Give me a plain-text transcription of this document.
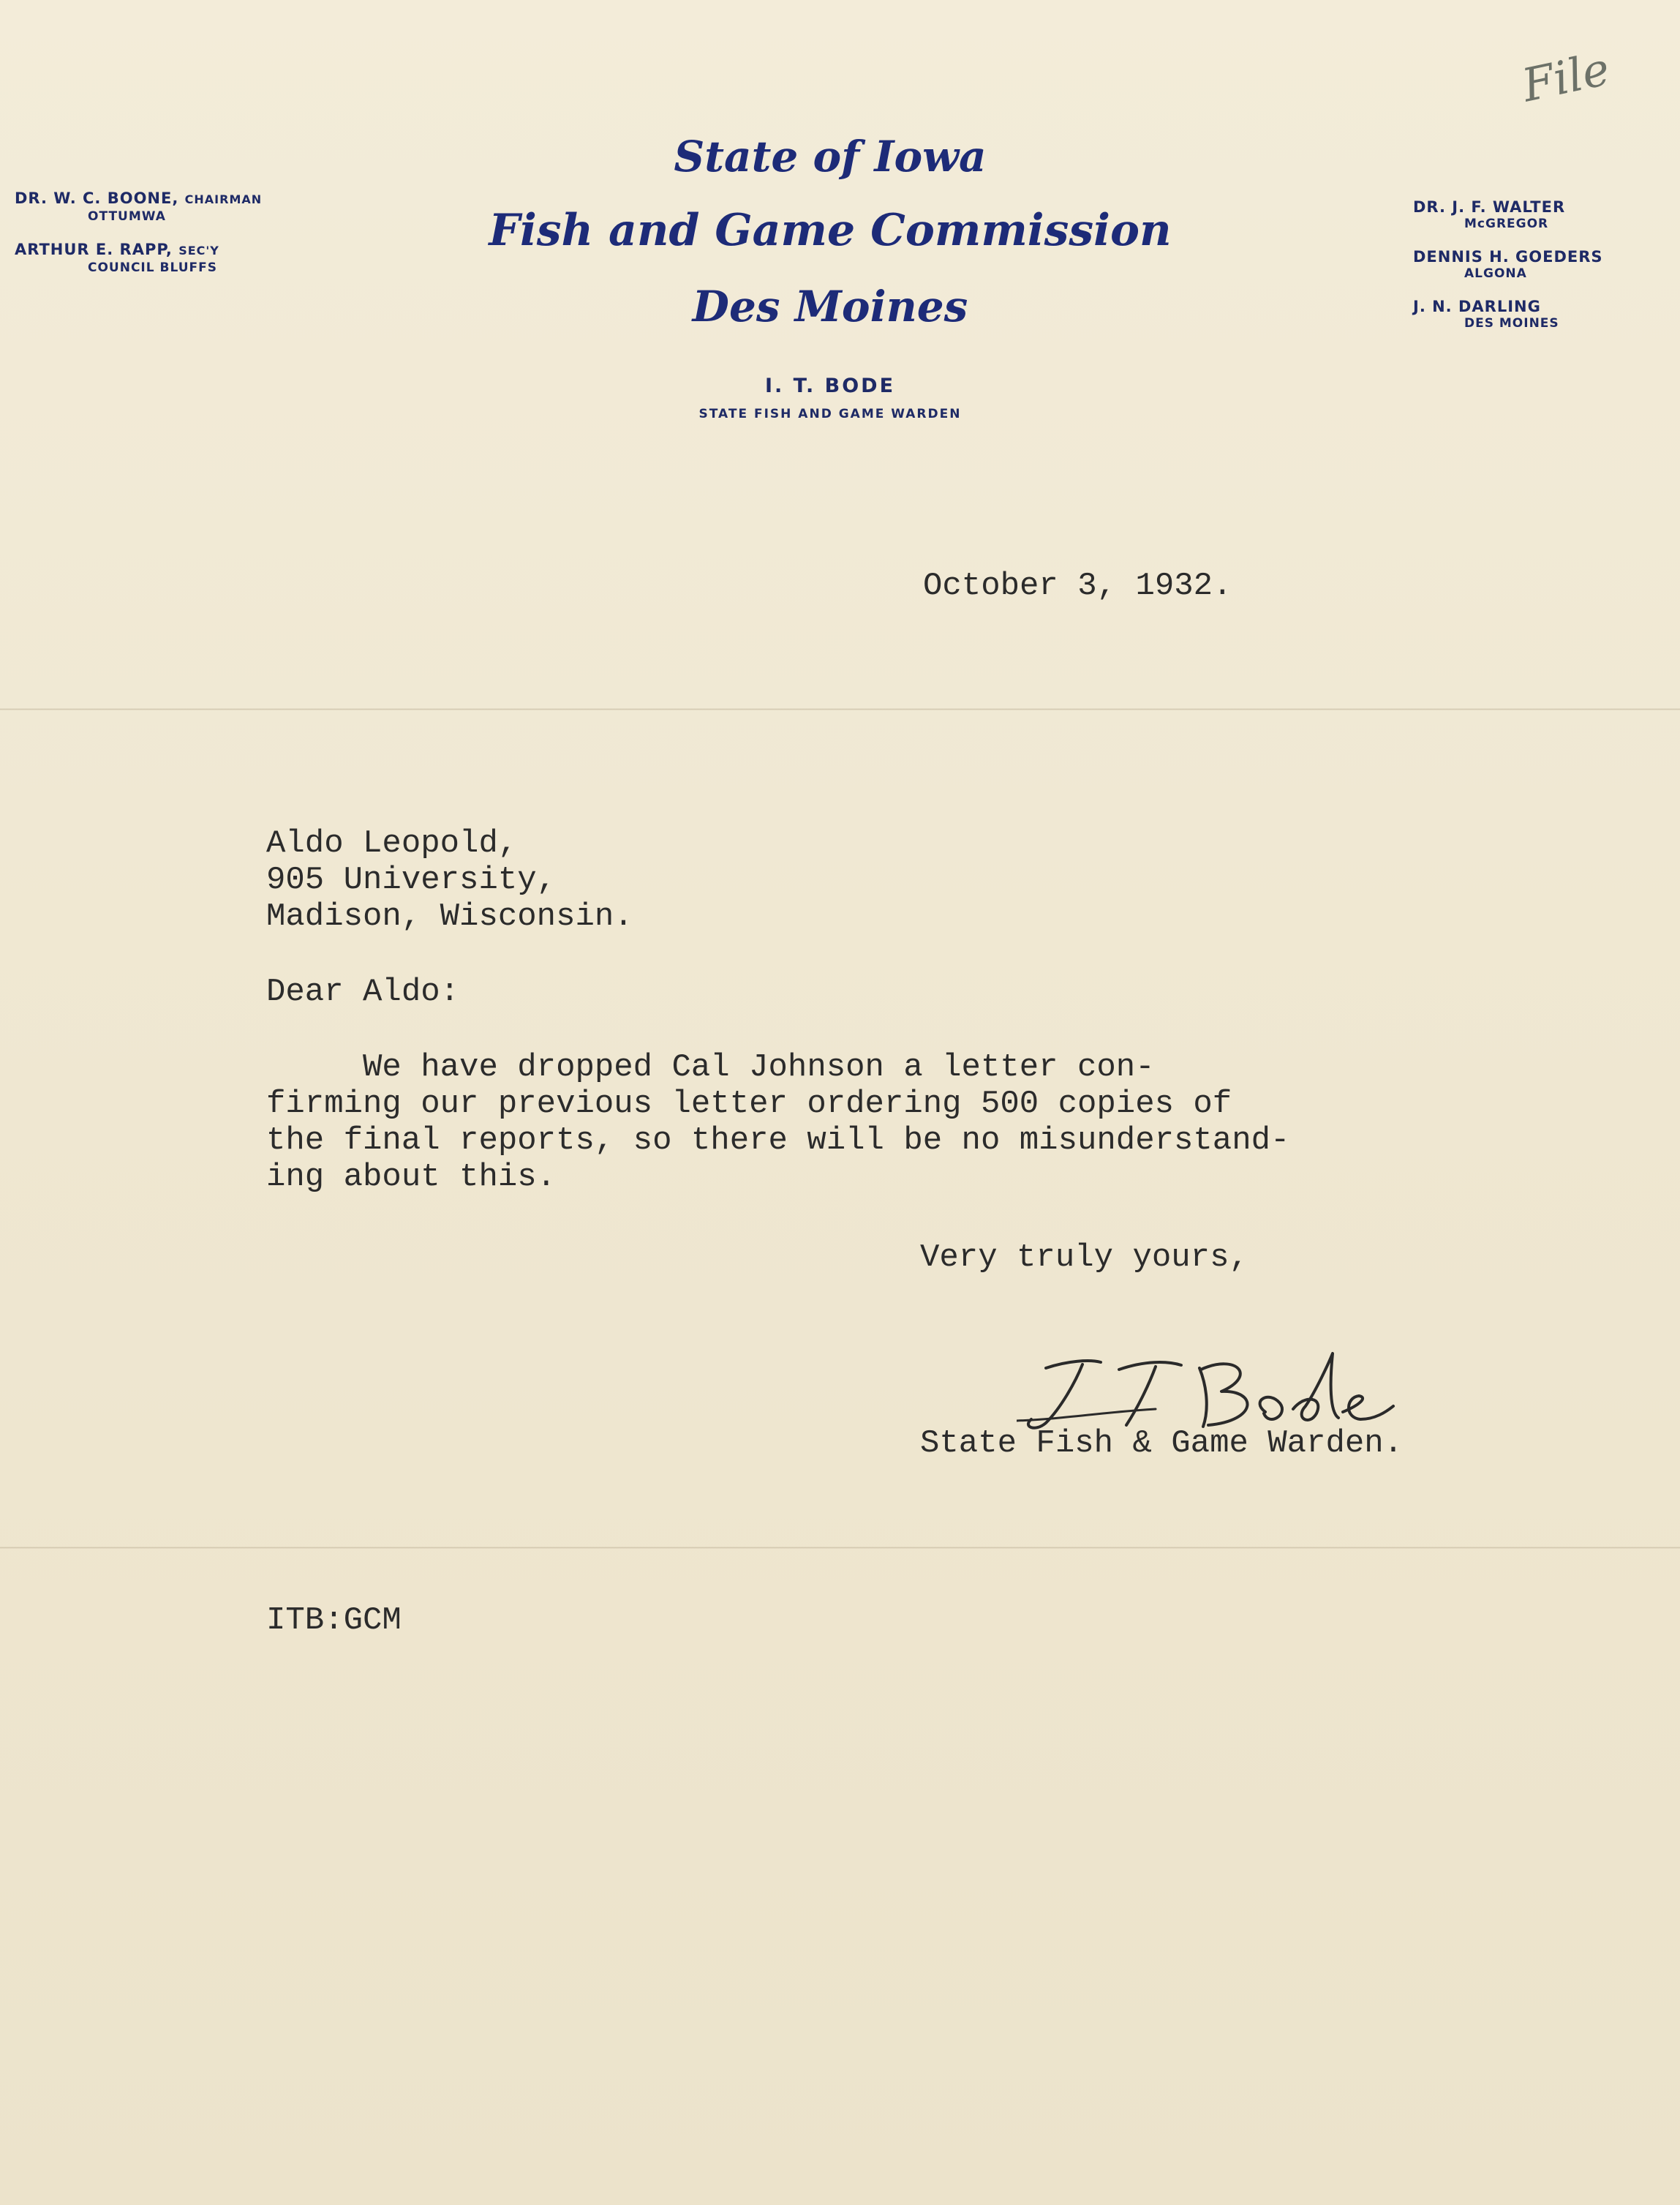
DR. W. C. BOONE, CHAIRMAN
OTTUMWA
ARTHUR E. RAPP, SEC'Y
COUNCIL BLUFFS
State of Iowa
Fish and Game Commission
Des Moines
I. T. BODE
STATE FISH AND GAME WARDEN
DR. J. F. WALTER
McGREGOR
DENNIS H. GOEDERS
ALGONA
J. N. DARLING
DES MOINES
File
October 3, 1932.
Aldo Leopold,
905 University,
Madison, Wisconsin.
Dear Aldo:
We have dropped Cal Johnson a letter con-
firming our previous letter ordering 500 copies of
the final reports, so there will be no misunderstand-
ing about this.
Very truly yours,
State Fish & Game Warden.
ITB:GCM
